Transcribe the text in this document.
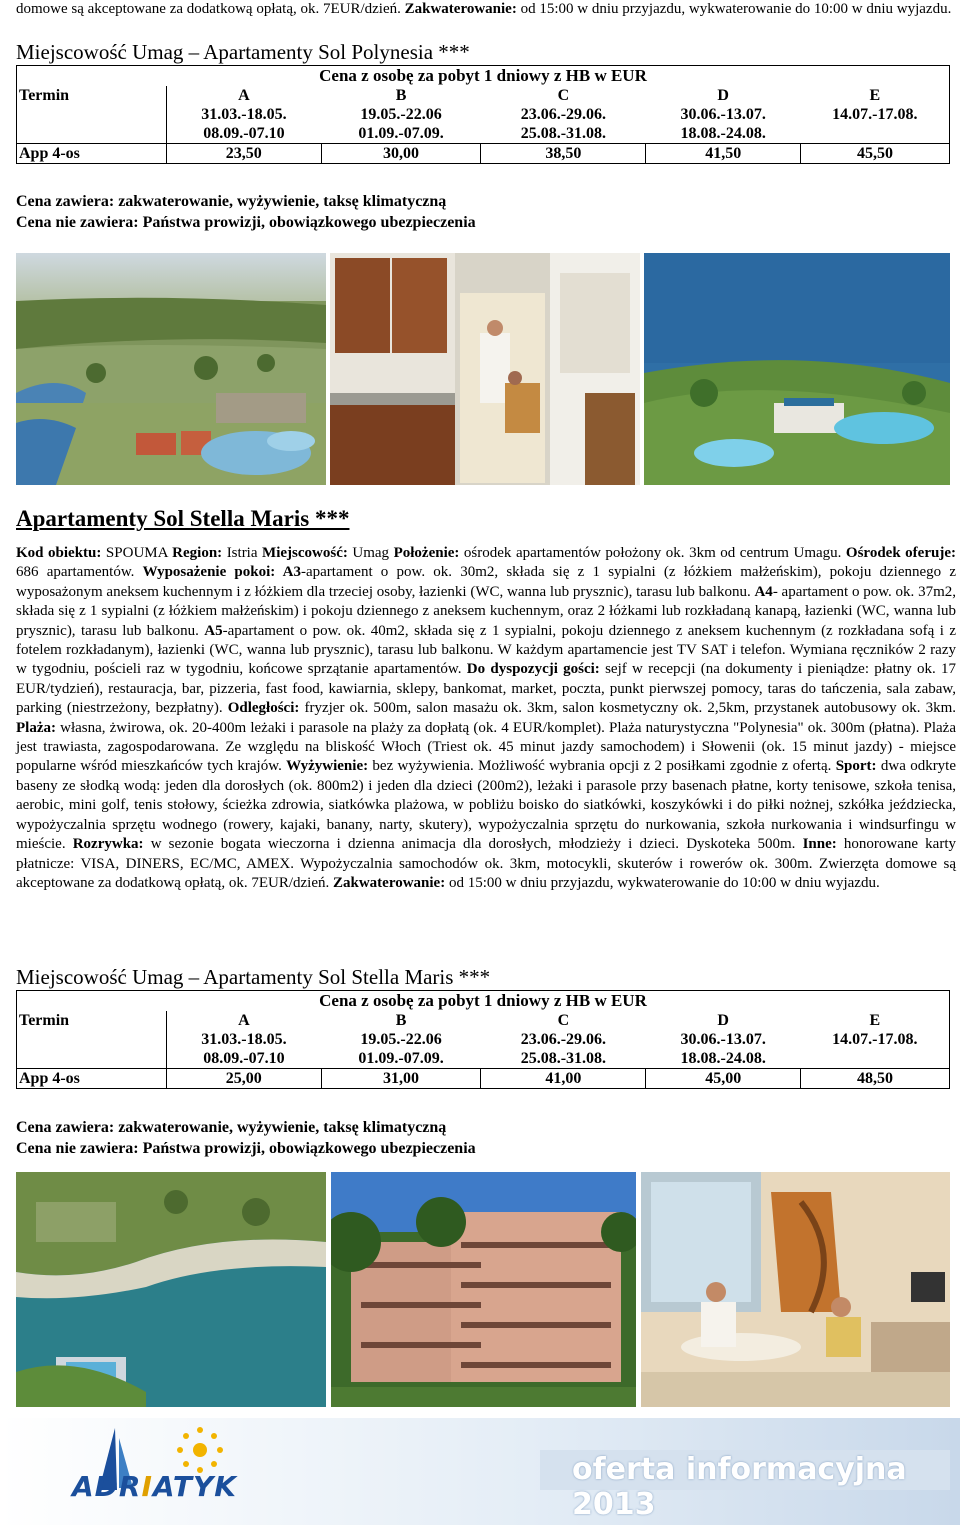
domowe są akceptowane za dodatkową opłatą, ok. 7EUR/dzień. Zakwaterowanie: od 15:00 w dniu przyjazdu, wykwaterowanie do 10:00 w dniu wyjazdu.
Miejscowość Umag – Apartamenty Sol Polynesia ***
Cena z osobę za pobyt 1 dniowy z HB w EUR					
Termin	A	B	C	D	E
	31.03.-18.05.	19.05.-22.06	23.06.-29.06.	30.06.-13.07.	14.07.-17.08.
	08.09.-07.10	01.09.-07.09.	25.08.-31.08.	18.08.-24.08.	
App 4-os	23,50	30,00	38,50	41,50	45,50
Cena zawiera: zakwaterowanie, wyżywienie, taksę klimatyczną
Cena nie zawiera: Państwa prowizji, obowiązkowego ubezpieczenia
Apartamenty Sol Stella Maris ***
Kod obiektu: SPOUMA Region: Istria Miejscowość: Umag Położenie: ośrodek apartamentów położony ok. 3km od centrum Umagu. Ośrodek oferuje: 686 apartamentów. Wyposażenie pokoi: A3-apartament o pow. ok. 30m2, składa się z 1 sypialni (z łóżkiem małżeńskim), pokoju dziennego z wyposażonym aneksem kuchennym i z łóżkiem dla trzeciej osoby, łazienki (WC, wanna lub prysznic), tarasu lub balkonu. A4- apartament o pow. ok. 37m2, składa się z 1 sypialni (z łóżkiem małżeńskim) i pokoju dziennego z aneksem kuchennym, oraz 2 łóżkami lub rozkładaną kanapą, łazienki (WC, wanna lub prysznic), tarasu lub balkonu. A5-apartament o pow. ok. 40m2, składa się z 1 sypialni, pokoju dziennego z aneksem kuchennym (z rozkładana sofą i z fotelem rozkładanym), łazienki (WC, wanna lub prysznic), tarasu lub balkonu. W każdym apartamencie jest TV SAT i telefon. Wymiana ręczników 2 razy w tygodniu, pościeli raz w tygodniu, końcowe sprzątanie apartamentów. Do dyspozycji gości: sejf w recepcji (na dokumenty i pieniądze: płatny ok. 17 EUR/tydzień), restauracja, bar, pizzeria, fast food, kawiarnia, sklepy, bankomat, market, poczta, punkt pierwszej pomocy, taras do tańczenia, sala zabaw, parking (niestrzeżony, bezpłatny). Odległości: fryzjer ok. 500m, salon masażu ok. 3km, salon kosmetyczny ok. 2,5km, przystanek autobusowy ok. 3km. Plaża: własna, żwirowa, ok. 20-400m leżaki i parasole na plaży za dopłatą (ok. 4 EUR/komplet). Plaża naturystyczna "Polynesia" ok. 300m (płatna). Plaża jest trawiasta, zagospodarowana. Ze względu na bliskość Włoch (Triest ok. 45 minut jazdy samochodem) i Słowenii (ok. 15 minut jazdy) - miejsce popularne wśród mieszkańców tych krajów. Wyżywienie: bez wyżywienia. Możliwość wybrania opcji z 2 posiłkami zgodnie z ofertą. Sport: dwa odkryte baseny ze słodką wodą: jeden dla dorosłych (ok. 800m2) i jeden dla dzieci (200m2), leżaki i parasole przy basenach płatne, korty tenisowe, szkoła tenisa, aerobic, mini golf, tenis stołowy, ścieżka zdrowia, siatkówka plażowa, w pobliżu boisko do siatkówki, koszykówki i do piłki nożnej, szkółka jeździecka, wypożyczalnia sprzętu wodnego (rowery, kajaki, banany, narty, skutery), wypożyczalnia sprzętu do nurkowania, szkoła nurkowania i windsurfingu w mieście. Rozrywka: w sezonie bogata wieczorna i dzienna animacja dla dorosłych, młodzieży i dzieci. Dyskoteka 500m. Inne: honorowane karty płatnicze: VISA, DINERS, EC/MC, AMEX. Wypożyczalnia samochodów ok. 3km, motocykli, skuterów i rowerów ok. 300m. Zwierzęta domowe są akceptowane za dodatkową opłatą, ok. 7EUR/dzień. Zakwaterowanie: od 15:00 w dniu przyjazdu, wykwaterowanie do 10:00 w dniu wyjazdu.
Miejscowość Umag – Apartamenty Sol Stella Maris ***
Cena z osobę za pobyt 1 dniowy z HB w EUR					
Termin	A	B	C	D	E
	31.03.-18.05.	19.05.-22.06	23.06.-29.06.	30.06.-13.07.	14.07.-17.08.
	08.09.-07.10	01.09.-07.09.	25.08.-31.08.	18.08.-24.08.	
App 4-os	25,00	31,00	41,00	45,00	48,50
Cena zawiera: zakwaterowanie, wyżywienie, taksę klimatyczną
Cena nie zawiera: Państwa prowizji, obowiązkowego ubezpieczenia
ADRIATYK	oferta informacyjna 2013
